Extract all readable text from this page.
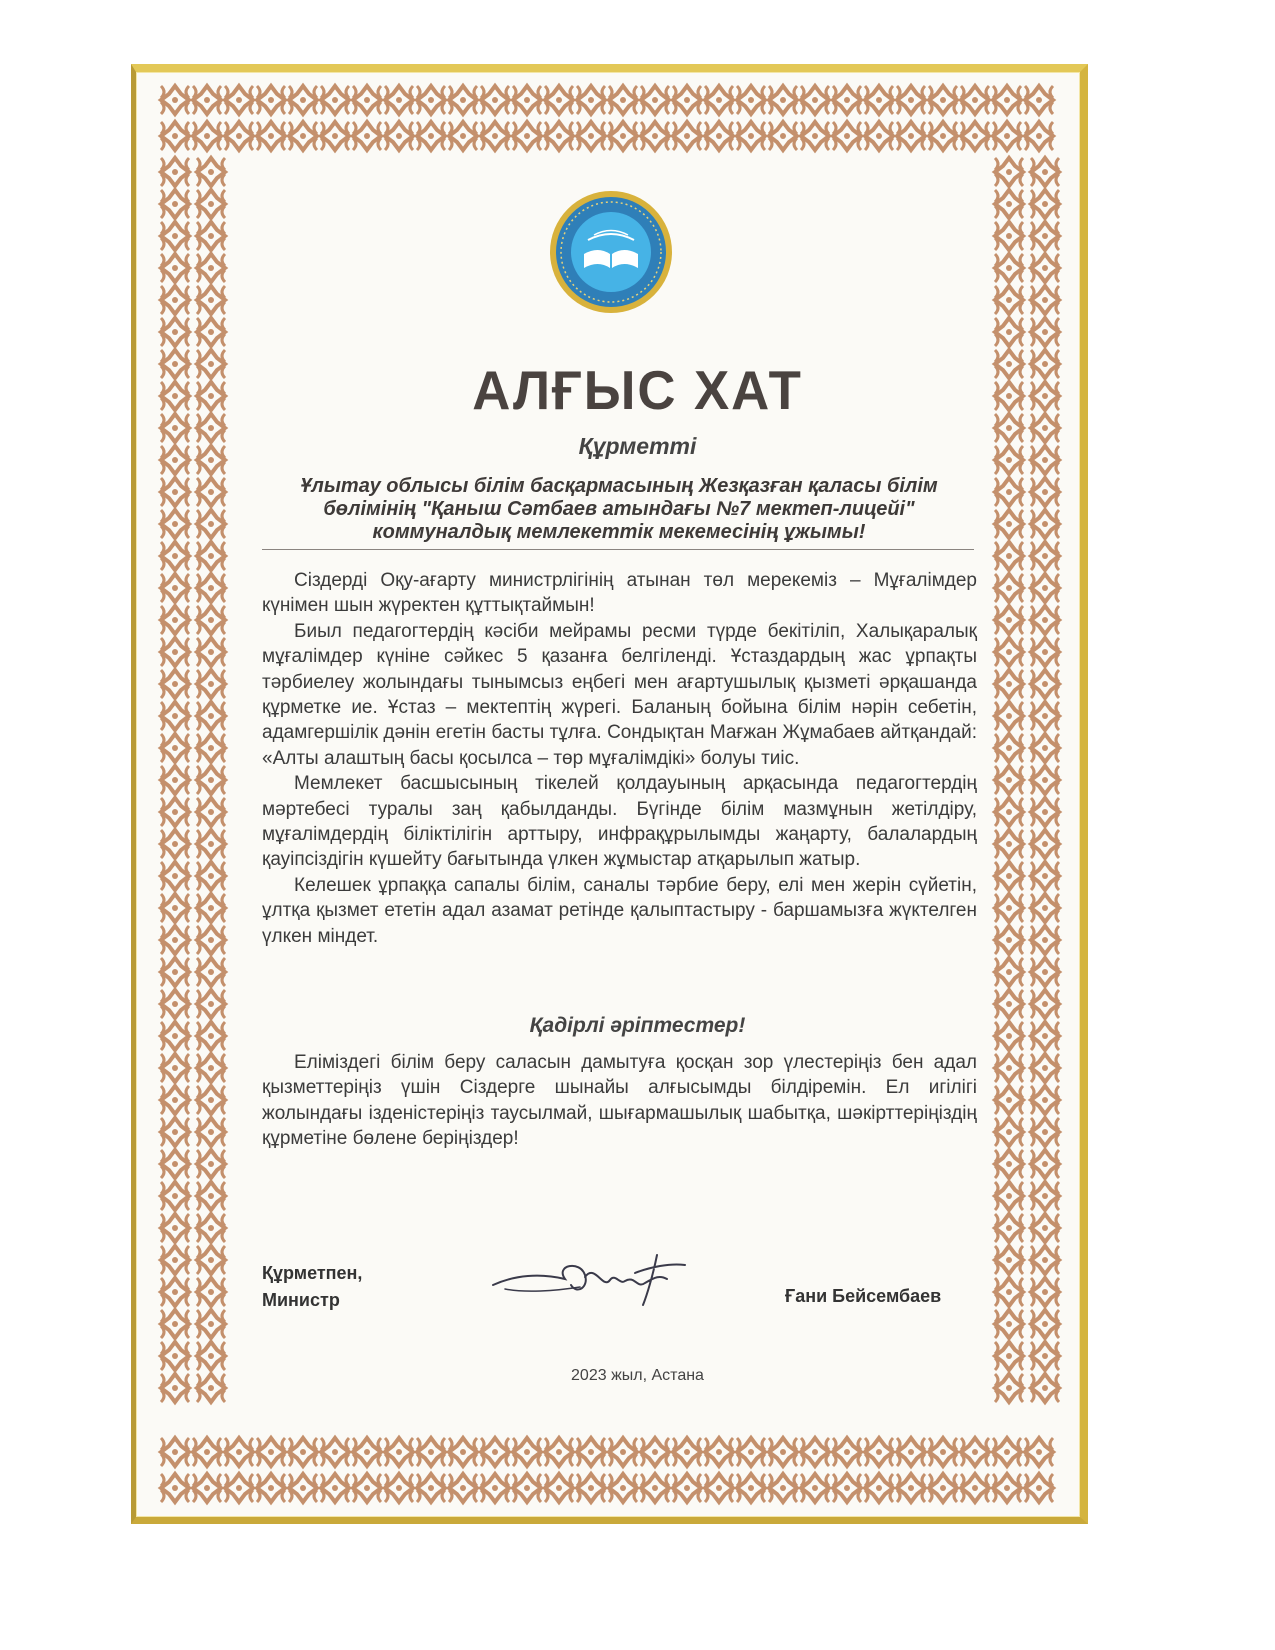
АЛҒЫС ХАТ
Құрметті
Ұлытау облысы білім басқармасының Жезқазған қаласы білім бөлімінің "Қаныш Сәтбаев атындағы №7 мектеп-лицейі" коммуналдық мемлекеттік мекемесінің ұжымы!

Сіздерді Оқу-ағарту министрлігінің атынан төл мерекеміз – Мұғалімдер күнімен шын жүректен құттықтаймын!

Биыл педагогтердің кәсіби мейрамы ресми түрде бекітіліп, Халықаралық мұғалімдер күніне сәйкес 5 қазанға белгіленді. Ұстаздардың жас ұрпақты тәрбиелеу жолындағы тынымсыз еңбегі мен ағартушылық қызметі әрқашанда құрметке ие. Ұстаз – мектептің жүрегі. Баланың бойына білім нәрін себетін, адамгершілік дәнін егетін басты тұлға. Сондықтан Мағжан Жұмабаев айтқандай: «Алты алаштың басы қосылса – төр мұғалімдікі» болуы тиіс.

Мемлекет басшысының тікелей қолдауының арқасында педагогтердің мәртебесі туралы заң қабылданды. Бүгінде білім мазмұнын жетілдіру, мұғалімдердің біліктілігін арттыру, инфрақұрылымды жаңарту, балалардың қауіпсіздігін күшейту бағытында үлкен жұмыстар атқарылып жатыр.

Келешек ұрпаққа сапалы білім, саналы тәрбие беру, елі мен жерін сүйетін, ұлтқа қызмет ететін адал азамат ретінде қалыптастыру - баршамызға жүктелген үлкен міндет.

Қадірлі әріптестер!

Еліміздегі білім беру саласын дамытуға қосқан зор үлестеріңіз бен адал қызметтеріңіз үшін Сіздерге шынайы алғысымды білдіремін. Ел игілігі жолындағы ізденістеріңіз таусылмай, шығармашылық шабытқа, шәкірттеріңіздің құрметіне бөлене беріңіздер!

Құрметпен,
Министр	Ғани Бейсембаев
2023 жыл, Астана
